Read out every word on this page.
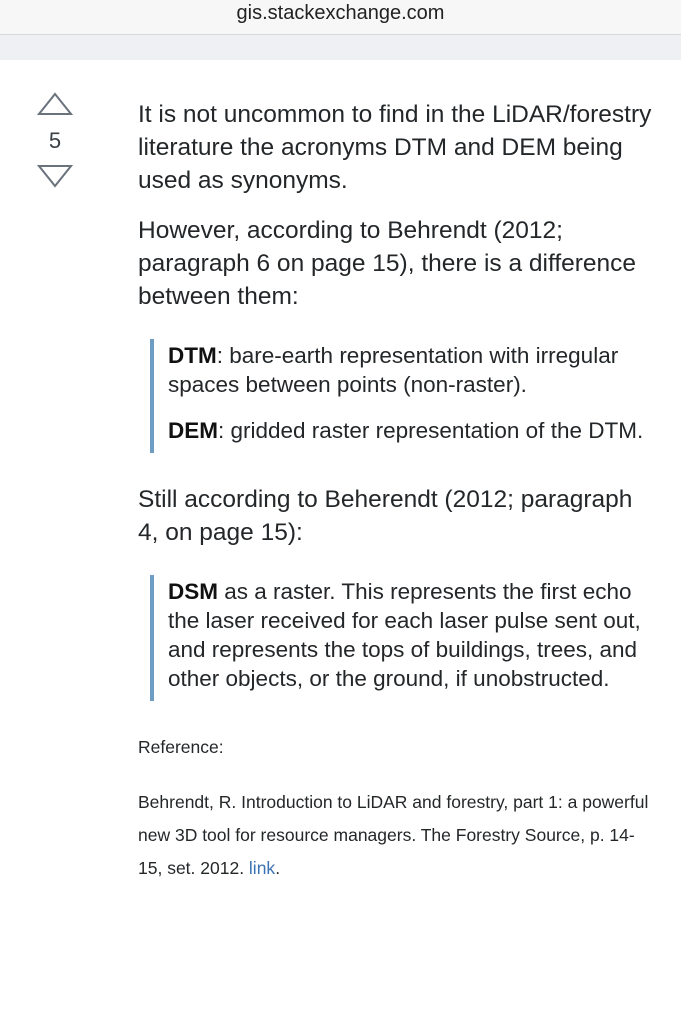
gis.stackexchange.com
5

It is not uncommon to find in the LiDAR/forestry literature the acronyms DTM and DEM being used as synonyms.

However, according to Behrendt (2012; paragraph 6 on page 15), there is a difference between them:

DTM: bare-earth representation with irregular spaces between points (non-raster).

DEM: gridded raster representation of the DTM.

Still according to Beherendt (2012; paragraph 4, on page 15):

DSM as a raster. This represents the first echo the laser received for each laser pulse sent out, and represents the tops of buildings, trees, and other objects, or the ground, if unobstructed.

Reference:

Behrendt, R. Introduction to LiDAR and forestry, part 1: a powerful new 3D tool for resource managers. The Forestry Source, p. 14-15, set. 2012. link.
